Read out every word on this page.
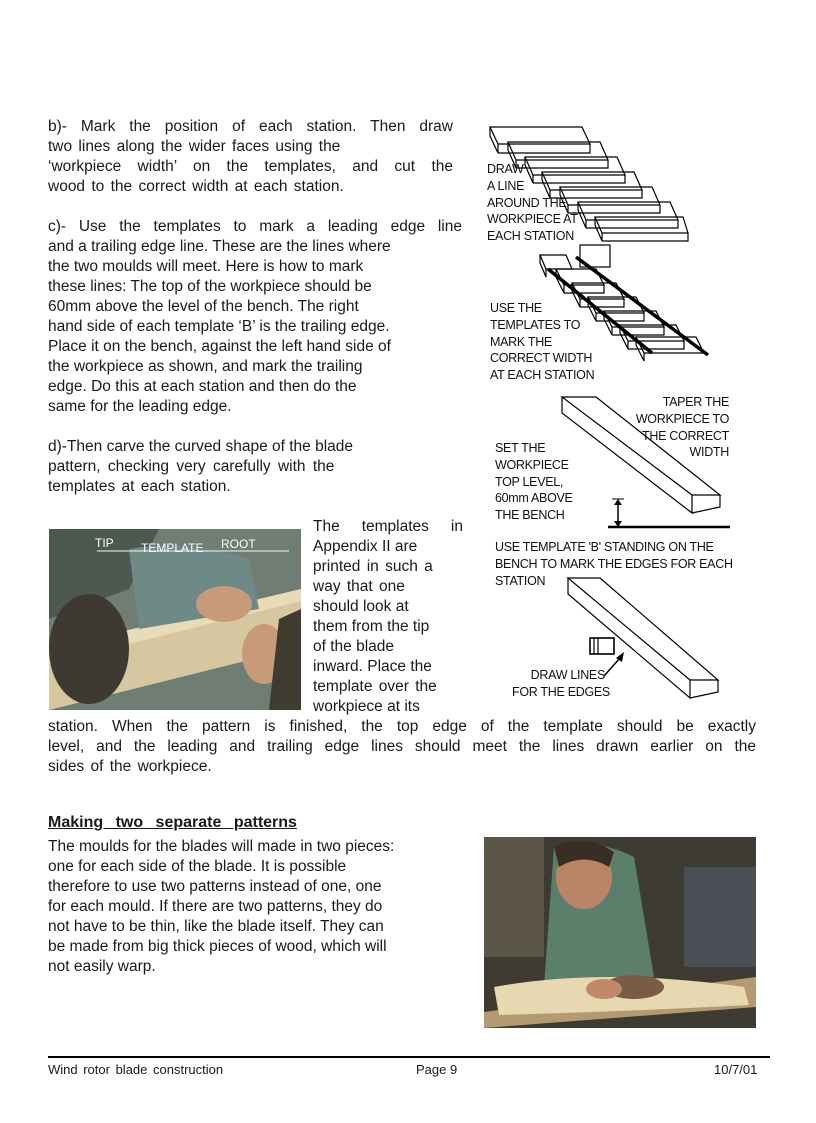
b)- Mark the position of each station. Then draw
two lines along the wider faces using the
‘workpiece width’ on the templates, and cut the
wood to the correct width at each station.
c)- Use the templates to mark a leading edge line
and a trailing edge line. These are the lines where
the two moulds will meet. Here is how to mark
these lines: The top of the workpiece should be
60mm above the level of the bench. The right
hand side of each template ‘B’ is the trailing edge.
Place it on the bench, against the left hand side of
the workpiece as shown, and mark the trailing
edge. Do this at each station and then do the
same for the leading edge.
d)-Then carve the curved shape of the blade
pattern, checking very carefully with the
templates at each station.
TIP TEMPLATE ROOT
The templates in
Appendix II are
printed in such a
way that one
should look at
them from the tip
of the blade
inward. Place the
template over the
workpiece at its
station. When the pattern is finished, the top edge of the template should be exactly
level, and the leading and trailing edge lines should meet the lines drawn earlier on the
sides of the workpiece.
Making two separate patterns
The moulds for the blades will made in two pieces:
one for each side of the blade. It is possible
therefore to use two patterns instead of one, one
for each mould. If there are two patterns, they do
not have to be thin, like the blade itself. They can
be made from big thick pieces of wood, which will
not easily warp.
DRAW
A LINE
AROUND THE
WORKPIECE AT
EACH STATION
USE THE
TEMPLATES TO
MARK THE
CORRECT WIDTH
AT EACH STATION
TAPER THE
WORKPIECE TO
THE CORRECT
WIDTH
SET THE
WORKPIECE
TOP LEVEL,
60mm ABOVE
THE BENCH
USE TEMPLATE 'B' STANDING ON THE
BENCH TO MARK THE EDGES FOR EACH
STATION
DRAW LINES
FOR THE EDGES
Wind rotor blade construction	Page 9	10/7/01
